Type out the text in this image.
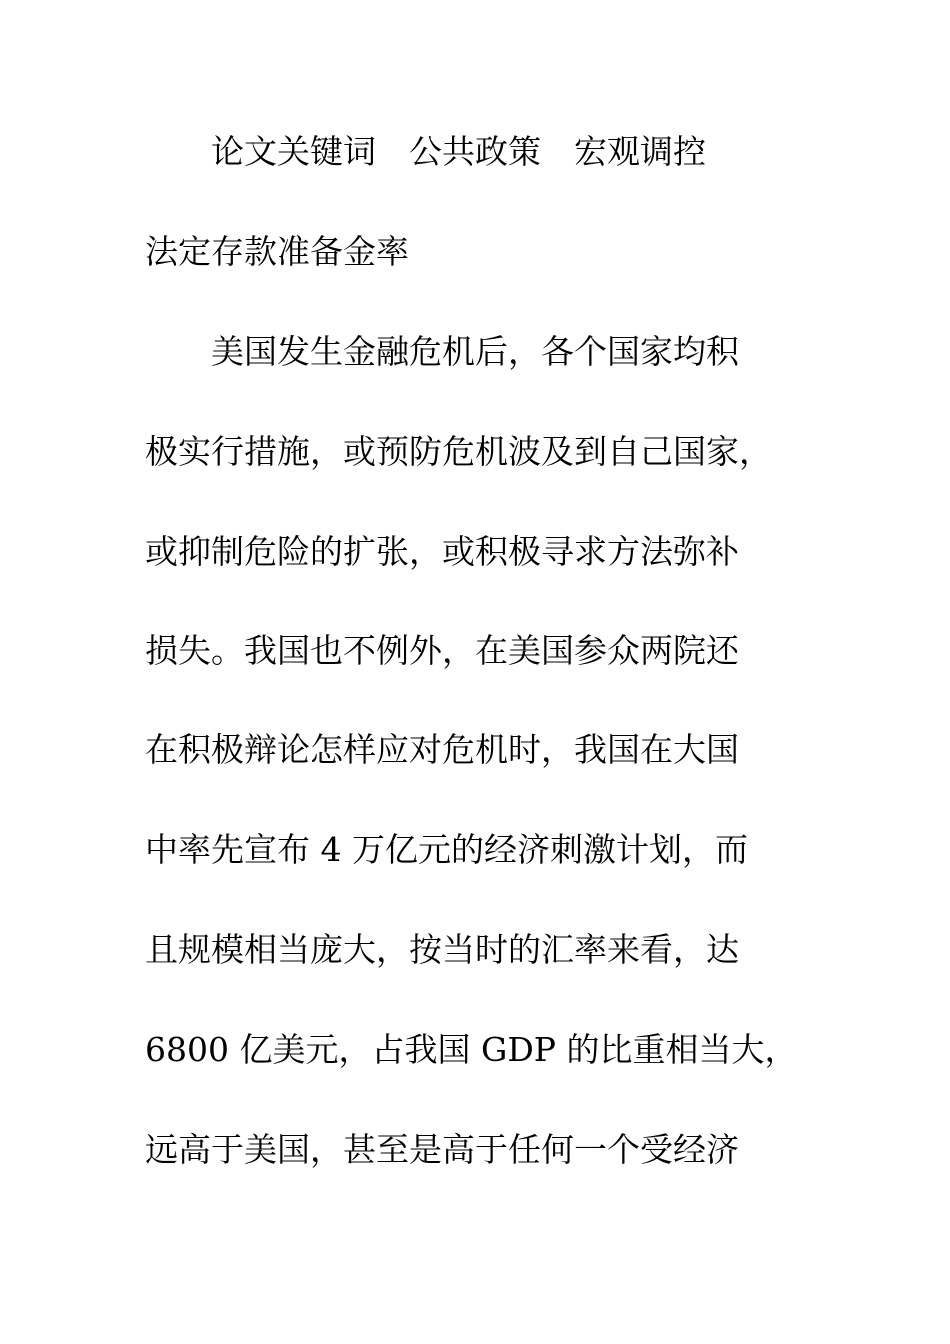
　　论文关键词　公共政策　宏观调控
法定存款准备金率
　　美国发生金融危机后，各个国家均积
极实行措施，或预防危机波及到自己国家，
或抑制危险的扩张，或积极寻求方法弥补
损失。我国也不例外，在美国参众两院还
在积极辩论怎样应对危机时，我国在大国
中率先宣布 4 万亿元的经济刺激计划，而
且规模相当庞大，按当时的汇率来看，达
6800 亿美元，占我国 GDP 的比重相当大，
远高于美国，甚至是高于任何一个受经济
